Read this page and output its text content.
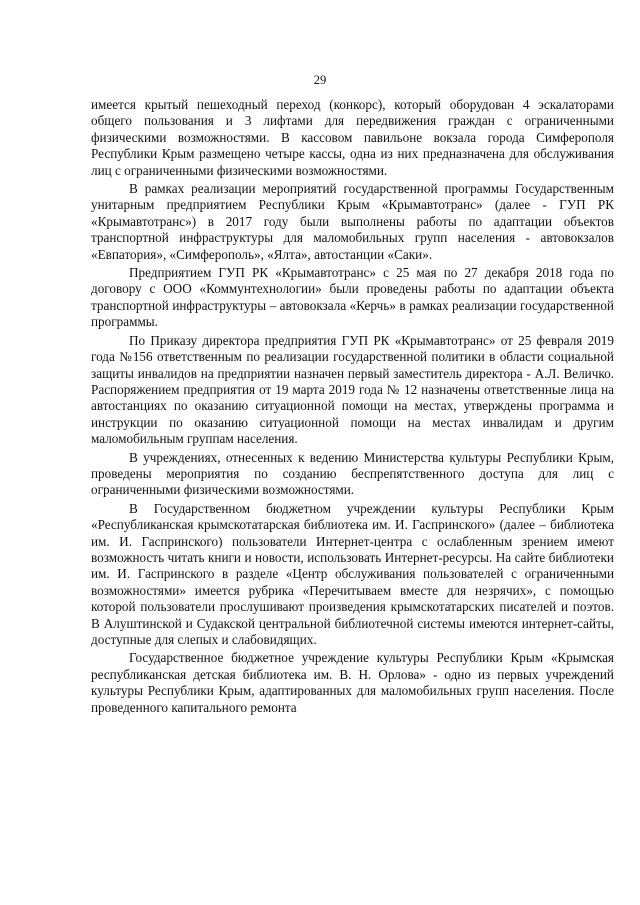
29

имеется крытый пешеходный переход (конкорс), который оборудован 4 эскалаторами общего пользования и 3 лифтами для передвижения граждан с ограниченными физическими возможностями. В кассовом павильоне вокзала города Симферополя Республики Крым размещено четыре кассы, одна из них предназначена для обслуживания лиц с ограниченными физическими возможностями.

В рамках реализации мероприятий государственной программы Государственным унитарным предприятием Республики Крым «Крымавтотранс» (далее - ГУП РК «Крымавтотранс») в 2017 году были выполнены работы по адаптации объектов транспортной инфраструктуры для маломобильных групп населения - автовокзалов «Евпатория», «Симферополь», «Ялта», автостанции «Саки».

Предприятием ГУП РК «Крымавтотранс» с 25 мая по 27 декабря 2018 года по договору с ООО «Коммунтехнологии» были проведены работы по адаптации объекта транспортной инфраструктуры – автовокзала «Керчь» в рамках реализации государственной программы.

По Приказу директора предприятия ГУП РК «Крымавтотранс» от 25 февраля 2019 года №156 ответственным по реализации государственной политики в области социальной защиты инвалидов на предприятии назначен первый заместитель директора - А.Л. Величко. Распоряжением предприятия от 19 марта 2019 года № 12 назначены ответственные лица на автостанциях по оказанию ситуационной помощи на местах, утверждены программа и инструкции по оказанию ситуационной помощи на местах инвалидам и другим маломобильным группам населения.

В учреждениях, отнесенных к ведению Министерства культуры Республики Крым, проведены мероприятия по созданию беспрепятственного доступа для лиц с ограниченными физическими возможностями.

В Государственном бюджетном учреждении культуры Республики Крым «Республиканская крымскотатарская библиотека им. И. Гаспринского» (далее – библиотека им. И. Гаспринского) пользователи Интернет-центра с ослабленным зрением имеют возможность читать книги и новости, использовать Интернет-ресурсы. На сайте библиотеки им. И. Гаспринского в разделе «Центр обслуживания пользователей с ограниченными возможностями» имеется рубрика «Перечитываем вместе для незрячих», с помощью которой пользователи прослушивают произведения крымскотатарских писателей и поэтов. В Алуштинской и Судакской центральной библиотечной системы имеются интернет-сайты, доступные для слепых и слабовидящих.

Государственное бюджетное учреждение культуры Республики Крым «Крымская республиканская детская библиотека им. В. Н. Орлова» - одно из первых учреждений культуры Республики Крым, адаптированных для маломобильных групп населения. После проведенного капитального ремонта
